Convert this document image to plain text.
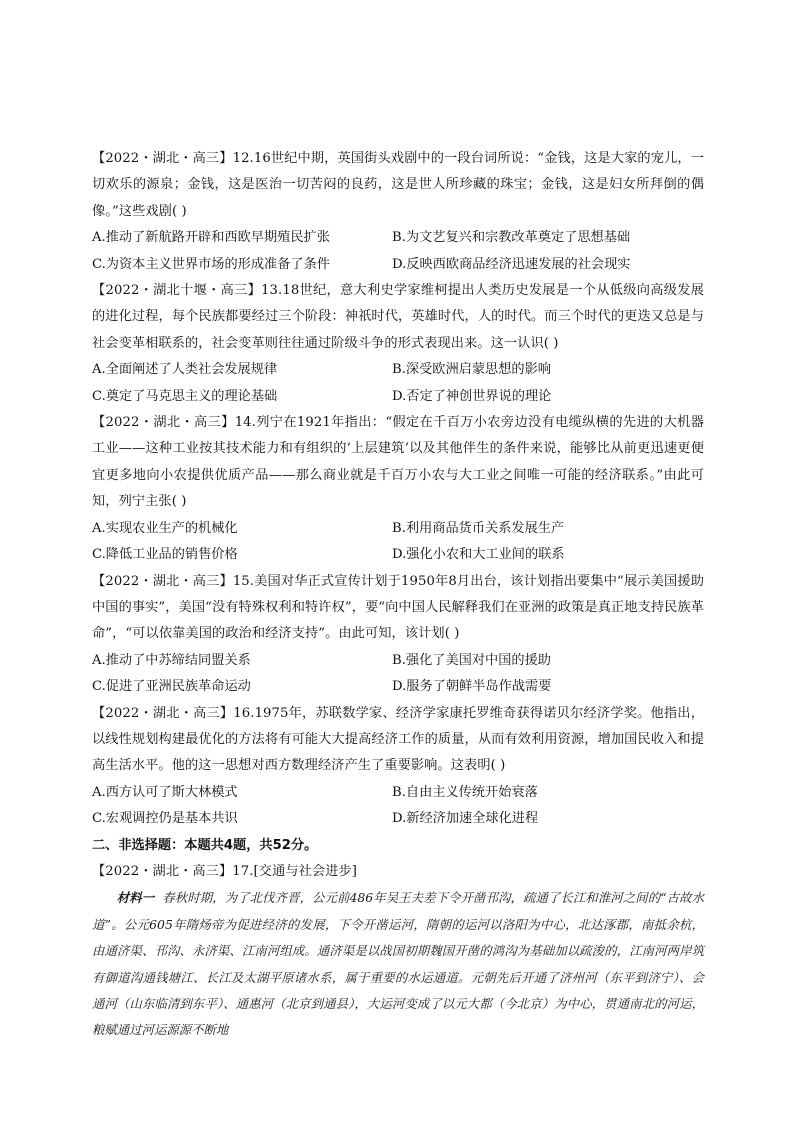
【2022・湖北・高三】12.16世纪中期，英国街头戏剧中的一段台词所说：“金钱，这是大家的宠儿，一切欢乐的源泉；金钱，这是医治一切苦闷的良药，这是世人所珍藏的珠宝；金钱，这是妇女所拜倒的偶像。”这些戏剧( )

A.推动了新航路开辟和西欧早期殖民扩张	B.为文艺复兴和宗教改革奠定了思想基础
C.为资本主义世界市场的形成准备了条件	D.反映西欧商品经济迅速发展的社会现实

【2022・湖北十堰・高三】13.18世纪，意大利史学家维柯提出人类历史发展是一个从低级向高级发展的进化过程，每个民族都要经过三个阶段：神祇时代，英雄时代，人的时代。而三个时代的更迭又总是与社会变革相联系的，社会变革则往往通过阶级斗争的形式表现出来。这一认识( )

A.全面阐述了人类社会发展规律	B.深受欧洲启蒙思想的影响
C.奠定了马克思主义的理论基础	D.否定了神创世界说的理论

【2022・湖北・高三】14.列宁在1921年指出：“假定在千百万小农旁边没有电缆纵横的先进的大机器工业——这种工业按其技术能力和有组织的‘上层建筑’以及其他伴生的条件来说，能够比从前更迅速更便宜更多地向小农提供优质产品——那么商业就是千百万小农与大工业之间唯一可能的经济联系。”由此可知，列宁主张( )

A.实现农业生产的机械化	B.利用商品货币关系发展生产
C.降低工业品的销售价格	D.强化小农和大工业间的联系

【2022・湖北・高三】15.美国对华正式宣传计划于1950年8月出台，该计划指出要集中“展示美国援助中国的事实”，美国“没有特殊权利和特许权”，要“向中国人民解释我们在亚洲的政策是真正地支持民族革命”，“可以依靠美国的政治和经济支持”。由此可知，该计划( )

A.推动了中苏缔结同盟关系	B.强化了美国对中国的援助
C.促进了亚洲民族革命运动	D.服务了朝鲜半岛作战需要

【2022・湖北・高三】16.1975年，苏联数学家、经济学家康托罗维奇获得诺贝尔经济学奖。他指出，以线性规划构建最优化的方法将有可能大大提高经济工作的质量，从而有效利用资源，增加国民收入和提高生活水平。他的这一思想对西方数理经济产生了重要影响。这表明( )

A.西方认可了斯大林模式	B.自由主义传统开始衰落
C.宏观调控仍是基本共识	D.新经济加速全球化进程

二、非选择题：本题共4题，共52分。

【2022・湖北・高三】17.[交通与社会进步]

材料一 春秋时期，为了北伐齐晋，公元前486年吴王夫差下令开凿邗沟，疏通了长江和淮河之间的“古故水道”。公元605年隋炀帝为促进经济的发展，下令开凿运河，隋朝的运河以洛阳为中心，北达涿郡，南抵余杭，由通济渠、邗沟、永济渠、江南河组成。通济渠是以战国初期魏国开凿的鸿沟为基础加以疏浚的，江南河两岸筑有御道沟通钱塘江、长江及太湖平原诸水系，属于重要的水运通道。元朝先后开通了济州河（东平到济宁）、会通河（山东临清到东平）、通惠河（北京到通县），大运河变成了以元大都（今北京）为中心，贯通南北的河运，粮赋通过河运源源不断地
